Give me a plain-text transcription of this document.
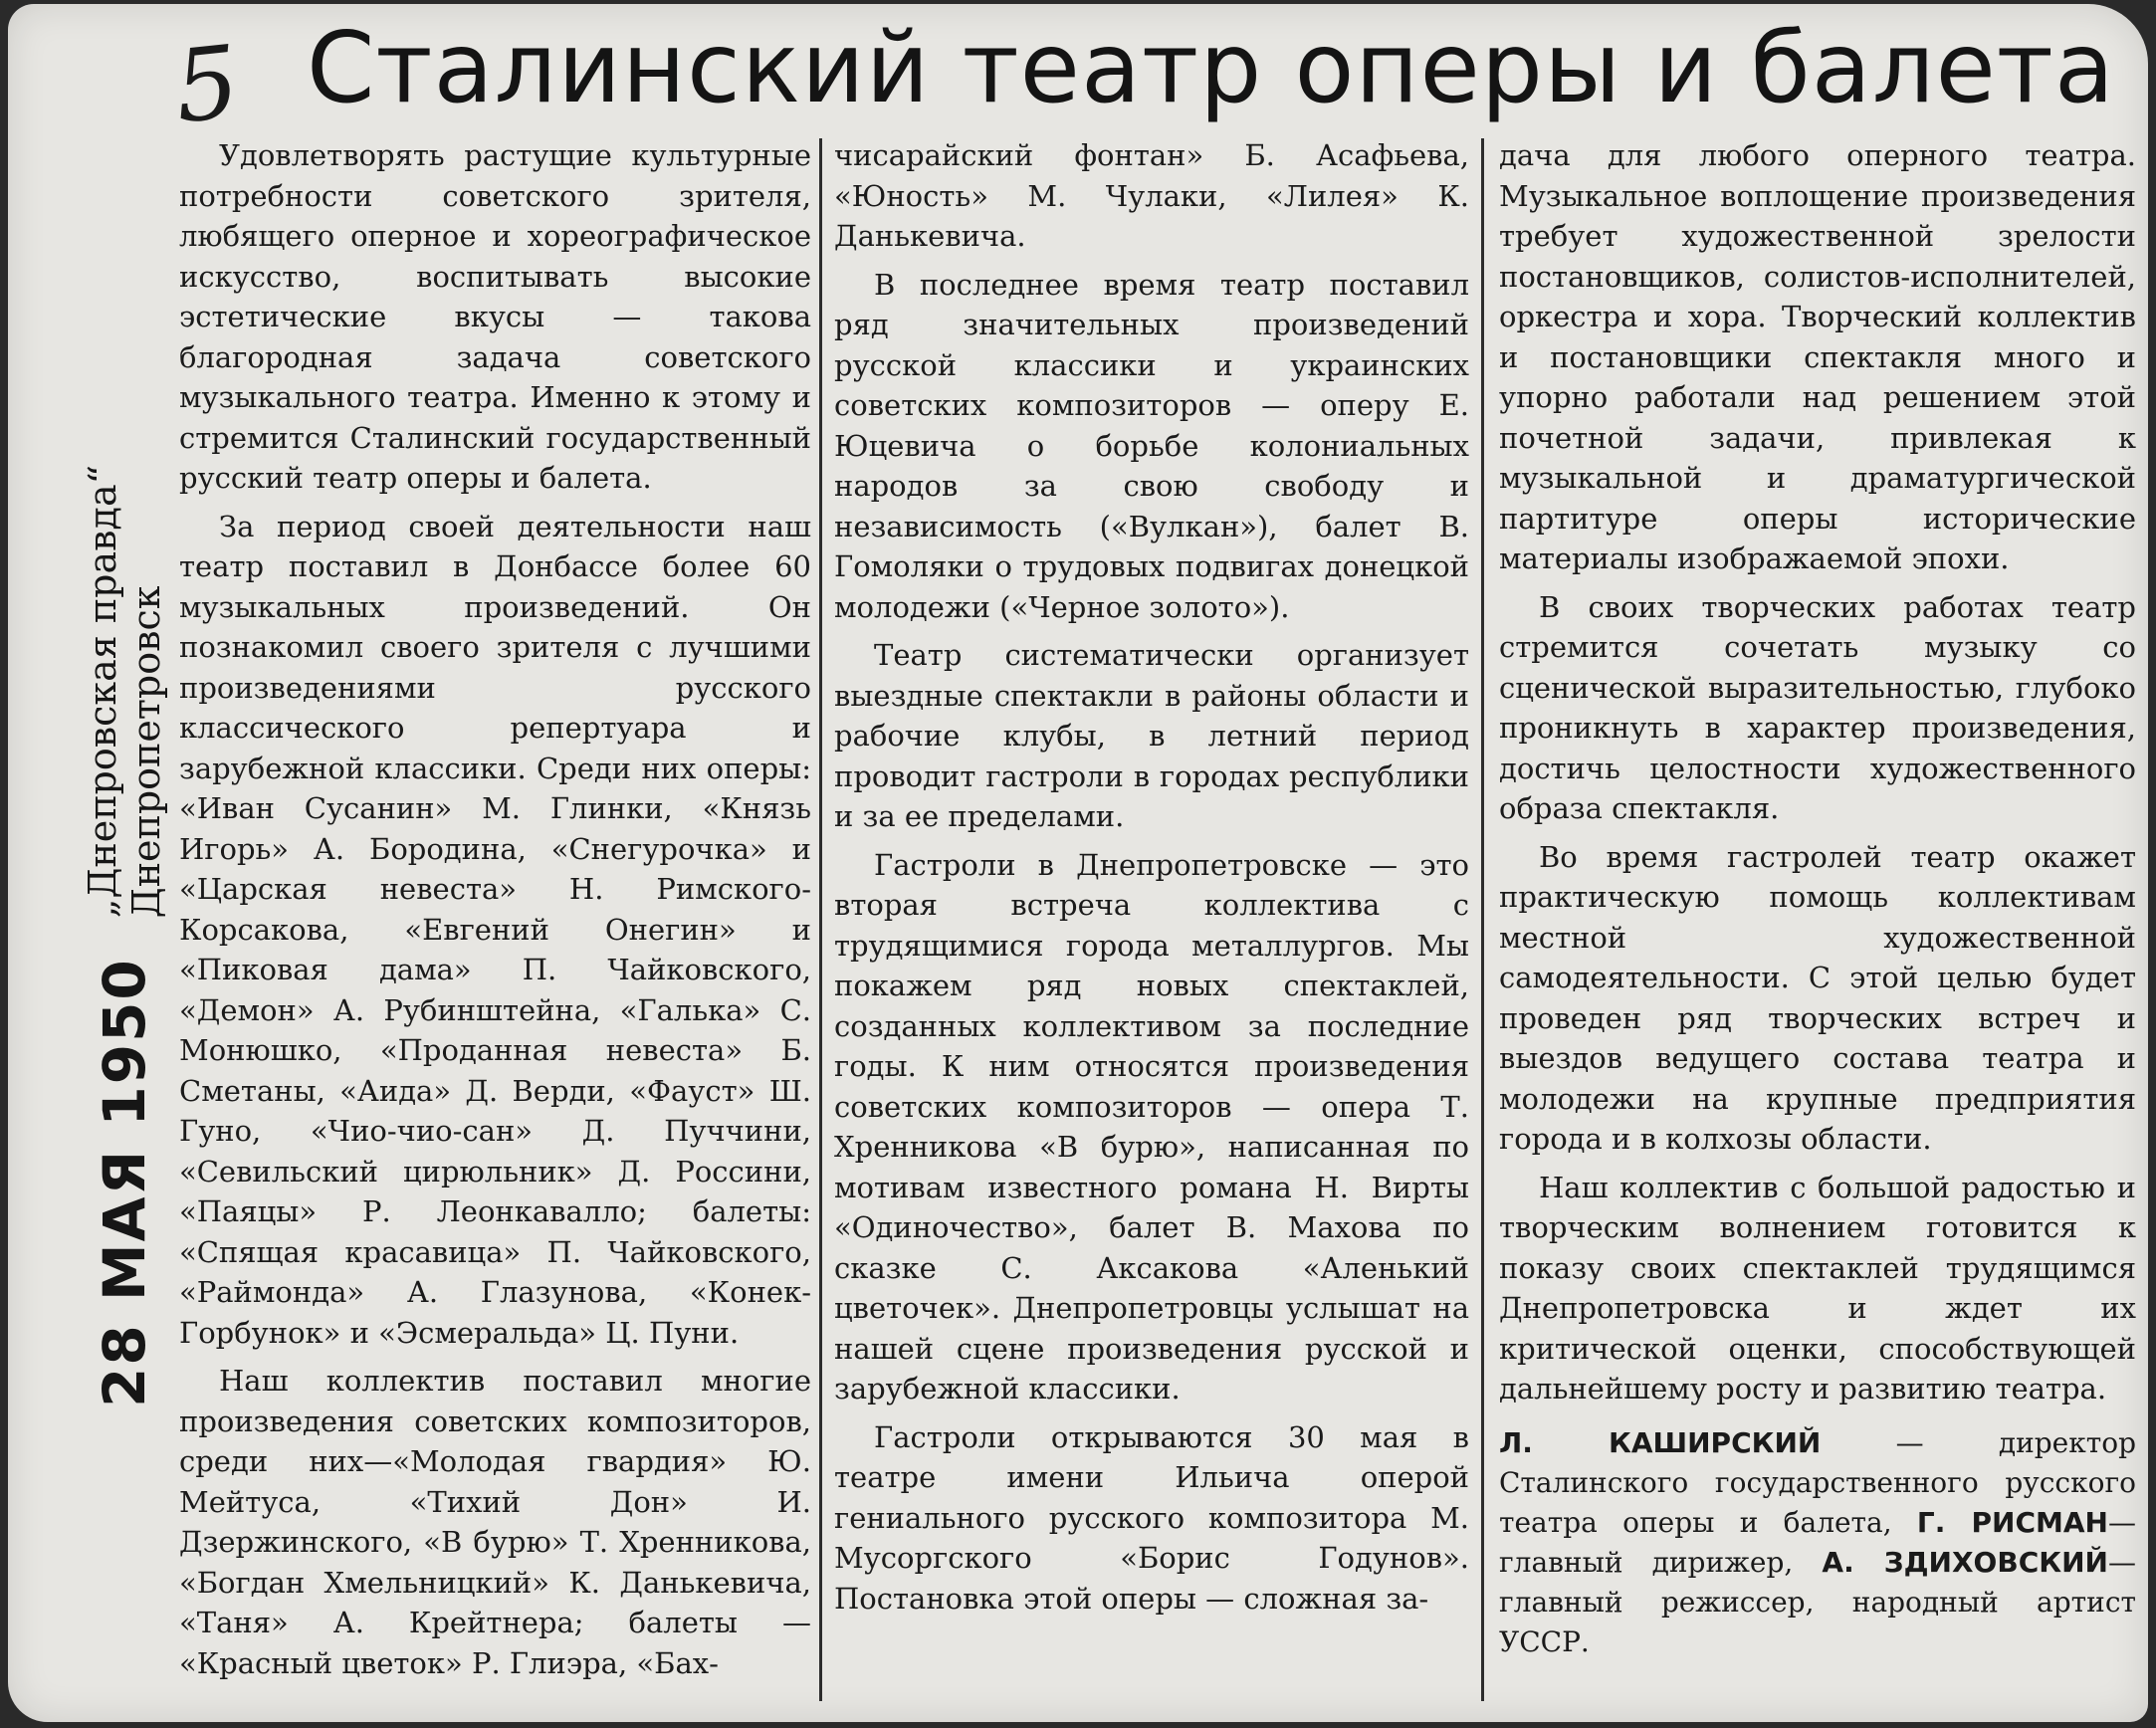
5 Сталинский театр оперы и балета
28 МАЯ 1950
„Днепровская правда“ Днепропетровск

Удовлетворять растущие культурные потребности советского зрителя, любящего оперное и хореографическое искусство, воспитывать высокие эстетические вкусы — такова благородная задача советского музыкального театра. Именно к этому и стремится Сталинский государственный русский театр оперы и балета.

За период своей деятельности наш театр поставил в Донбассе более 60 музыкальных произведений. Он познакомил своего зрителя с лучшими произведениями русского классического репертуара и зарубежной классики. Среди них оперы: «Иван Сусанин» М. Глинки, «Князь Игорь» А. Бородина, «Снегурочка» и «Царская невеста» Н. Римского-Корсакова, «Евгений Онегин» и «Пиковая дама» П. Чайковского, «Демон» А. Рубинштейна, «Галька» С. Монюшко, «Проданная невеста» Б. Сметаны, «Аида» Д. Верди, «Фауст» Ш. Гуно, «Чио-чио-сан» Д. Пуччини, «Севильский цирюльник» Д. Россини, «Паяцы» Р. Леонкавалло; балеты: «Спящая красавица» П. Чайковского, «Раймонда» А. Глазунова, «Конек-Горбунок» и «Эсмеральда» Ц. Пуни.

Наш коллектив поставил многие произведения советских композиторов, среди них—«Молодая гвардия» Ю. Мейтуса, «Тихий Дон» И. Дзержинского, «В бурю» Т. Хренникова, «Богдан Хмельницкий» К. Данькевича, «Таня» А. Крейтнера; балеты — «Красный цветок» Р. Глиэра, «Бах-

чисарайский фонтан» Б. Асафьева, «Юность» М. Чулаки, «Лилея» К. Данькевича.

В последнее время театр поставил ряд значительных произведений русской классики и украинских советских композиторов — оперу Е. Юцевича о борьбе колониальных народов за свою свободу и независимость («Вулкан»), балет В. Гомоляки о трудовых подвигах донецкой молодежи («Черное золото»).

Театр систематически организует выездные спектакли в районы области и рабочие клубы, в летний период проводит гастроли в городах республики и за ее пределами.

Гастроли в Днепропетровске — это вторая встреча коллектива с трудящимися города металлургов. Мы покажем ряд новых спектаклей, созданных коллективом за последние годы. К ним относятся произведения советских композиторов — опера Т. Хренникова «В бурю», написанная по мотивам известного романа Н. Вирты «Одиночество», балет В. Махова по сказке С. Аксакова «Аленький цветочек». Днепропетровцы услышат на нашей сцене произведения русской и зарубежной классики.

Гастроли открываются 30 мая в театре имени Ильича оперой гениального русского композитора М. Мусоргского «Борис Годунов». Постановка этой оперы — сложная за-

дача для любого оперного театра. Музыкальное воплощение произведения требует художественной зрелости постановщиков, солистов-исполнителей, оркестра и хора. Творческий коллектив и постановщики спектакля много и упорно работали над решением этой почетной задачи, привлекая к музыкальной и драматургической партитуре оперы исторические материалы изображаемой эпохи.

В своих творческих работах театр стремится сочетать музыку со сценической выразительностью, глубоко проникнуть в характер произведения, достичь целостности художественного образа спектакля.

Во время гастролей театр окажет практическую помощь коллективам местной художественной самодеятельности. С этой целью будет проведен ряд творческих встреч и выездов ведущего состава театра и молодежи на крупные предприятия города и в колхозы области.

Наш коллектив с большой радостью и творческим волнением готовится к показу своих спектаклей трудящимся Днепропетровска и ждет их критической оценки, способствующей дальнейшему росту и развитию театра.

Л. КАШИРСКИЙ	— директор Сталинского государственного русского театра оперы и балета, Г. РИСМАН—главный дирижер, А. ЗДИХОВСКИЙ—главный режиссер, народный артист УССР.
